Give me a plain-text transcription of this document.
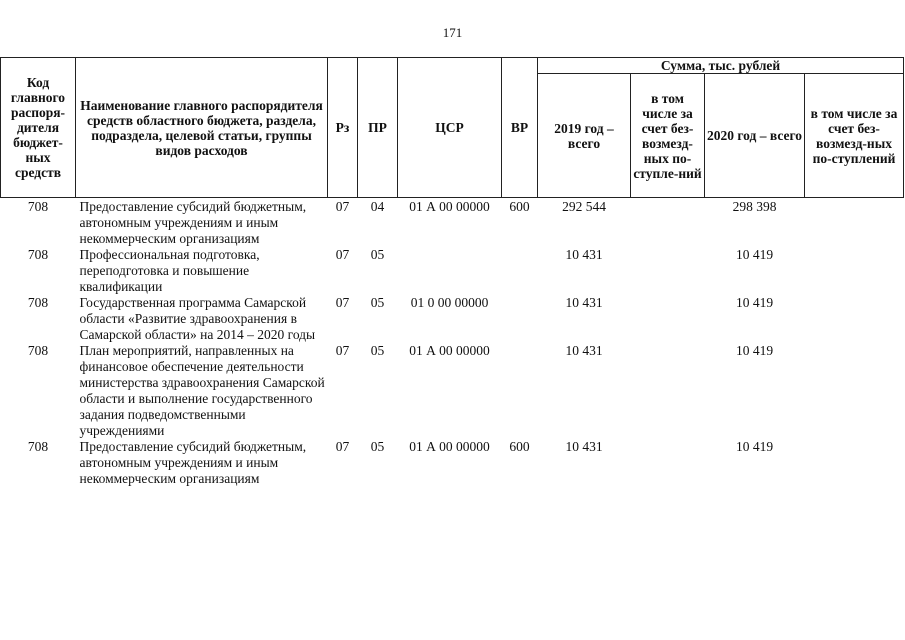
171
Код главного распоря-дителя бюджет-ных средств	Наименование главного распорядителя средств областного бюджета, раздела, подраздела, целевой статьи, группы видов расходов	Рз	ПР	ЦСР	ВР	Сумма, тыс. рублей			
						2019 год – всего	в том числе за счет без-возмезд-ных по-ступле-ний	2020 год – всего	в том числе за счет без-возмезд-ных по-ступлений
708	Предоставление субсидий бюджетным, автономным учреждениям и иным некоммерческим организациям	07	04	01 А 00 00000	600	292 544		298 398	
708	Профессиональная подготовка, переподготовка и повышение квалификации	07	05			10 431		10 419	
708	Государственная программа Самарской области «Развитие здравоохранения в Самарской области» на 2014 – 2020 годы	07	05	01 0 00 00000		10 431		10 419	
708	План мероприятий, направленных на финансовое обеспечение деятельности министерства здравоохранения Самарской области и выполнение государственного задания подведомственными учреждениями	07	05	01 А 00 00000		10 431		10 419	
708	Предоставление субсидий бюджетным, автономным учреждениям и иным некоммерческим организациям	07	05	01 А 00 00000	600	10 431		10 419	
